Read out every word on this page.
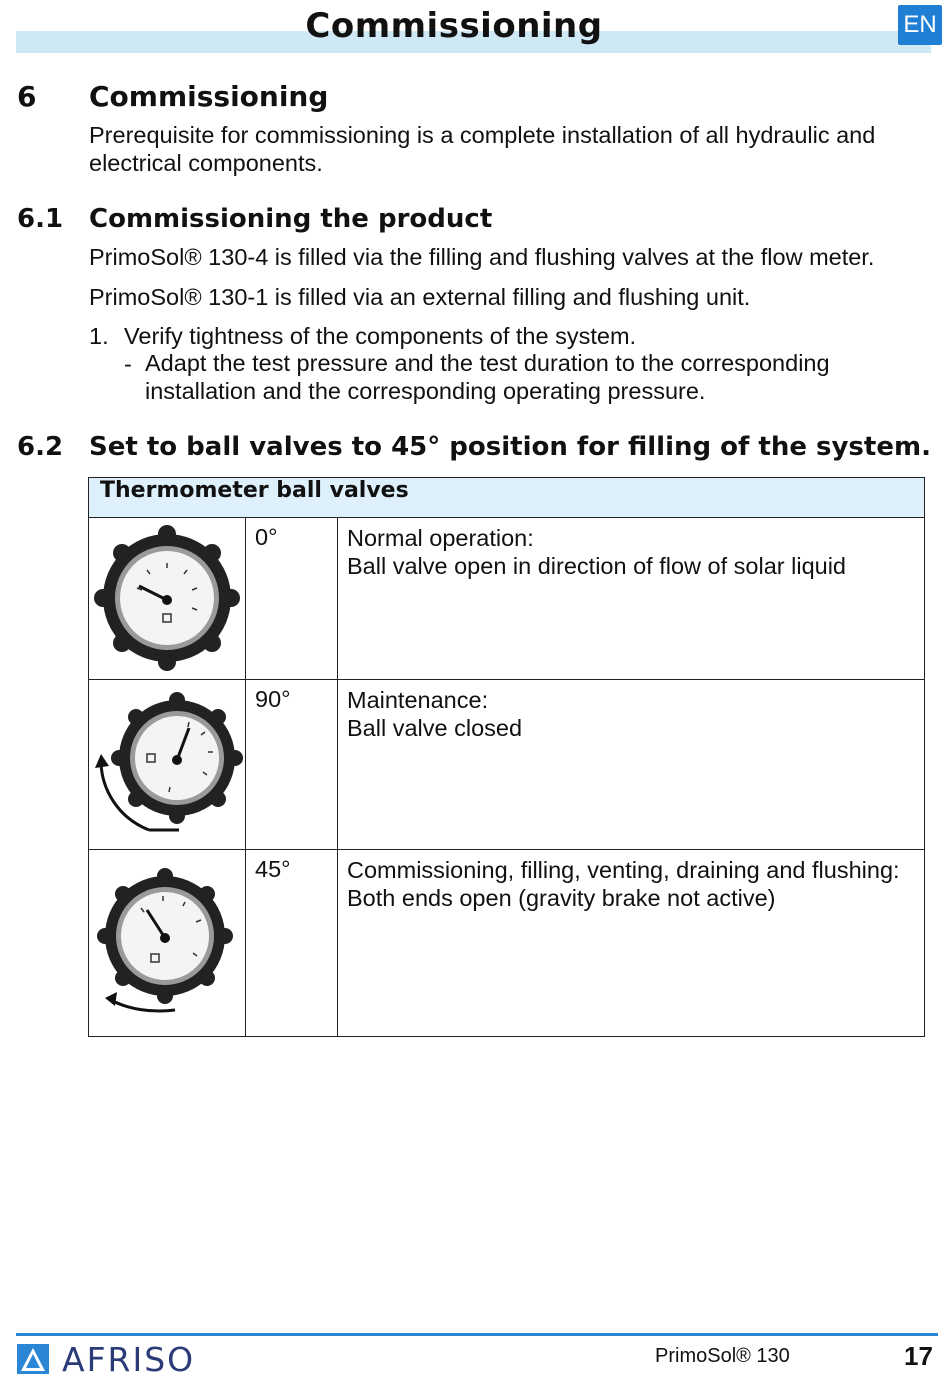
Commissioning	EN
6 Commissioning
Prerequisite for commissioning is a complete installation of all hydraulic and
electrical components.
6.1 Commissioning the product
PrimoSol® 130-4 is filled via the filling and flushing valves at the flow meter.
PrimoSol® 130-1 is filled via an external filling and flushing unit.
1. Verify tightness of the components of the system.
- Adapt the test pressure and the test duration to the corresponding
installation and the corresponding operating pressure.
6.2 Set to ball valves to 45° position for filling of the system.
Thermometer ball valves		

	0°	Normal operation:
Ball valve open in direction of flow of solar liquid

	90°	Maintenance:
Ball valve closed

	45°	Commissioning, filling, venting, draining and flushing:
Both ends open (gravity brake not active)
AFRISO	PrimoSol® 130	17
